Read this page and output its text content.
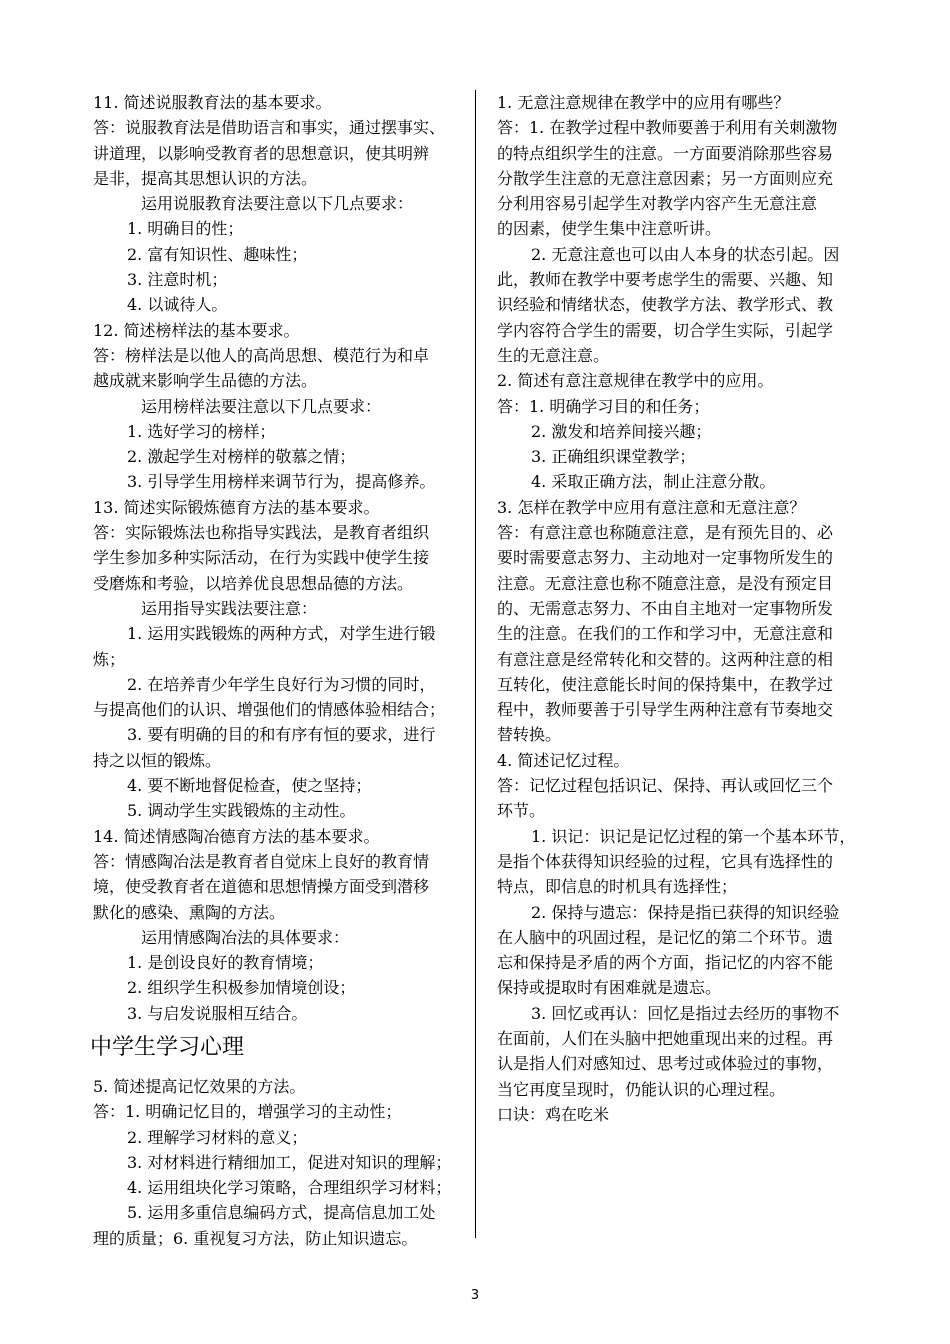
11. 简述说服教育法的基本要求。
答：说服教育法是借助语言和事实，通过摆事实、
讲道理，以影响受教育者的思想意识，使其明辨
是非，提高其思想认识的方法。
运用说服教育法要注意以下几点要求：
1. 明确目的性；
2. 富有知识性、趣味性；
3. 注意时机；
4. 以诚待人。
12. 简述榜样法的基本要求。
答：榜样法是以他人的高尚思想、模范行为和卓
越成就来影响学生品德的方法。
运用榜样法要注意以下几点要求：
1. 选好学习的榜样；
2. 激起学生对榜样的敬慕之情；
3. 引导学生用榜样来调节行为，提高修养。
13. 简述实际锻炼德育方法的基本要求。
答：实际锻炼法也称指导实践法，是教育者组织
学生参加多种实际活动，在行为实践中使学生接
受磨炼和考验，以培养优良思想品德的方法。
运用指导实践法要注意：
1. 运用实践锻炼的两种方式，对学生进行锻
炼；
2. 在培养青少年学生良好行为习惯的同时，
与提高他们的认识、增强他们的情感体验相结合；
3. 要有明确的目的和有序有恒的要求，进行
持之以恒的锻炼。
4. 要不断地督促检查，使之坚持；
5. 调动学生实践锻炼的主动性。
14. 简述情感陶冶德育方法的基本要求。
答：情感陶冶法是教育者自觉床上良好的教育情
境，使受教育者在道德和思想情操方面受到潜移
默化的感染、熏陶的方法。
运用情感陶冶法的具体要求：
1. 是创设良好的教育情境；
2. 组织学生积极参加情境创设；
3. 与启发说服相互结合。
中学生学习心理
5. 简述提高记忆效果的方法。
答：1. 明确记忆目的，增强学习的主动性；
2. 理解学习材料的意义；
3. 对材料进行精细加工，促进对知识的理解；
4. 运用组块化学习策略，合理组织学习材料；
5. 运用多重信息编码方式，提高信息加工处
理的质量；6. 重视复习方法，防止知识遗忘。
1. 无意注意规律在教学中的应用有哪些？
答：1. 在教学过程中教师要善于利用有关刺激物
的特点组织学生的注意。一方面要消除那些容易
分散学生注意的无意注意因素；另一方面则应充
分利用容易引起学生对教学内容产生无意注意
的因素，使学生集中注意听讲。
2. 无意注意也可以由人本身的状态引起。因
此，教师在教学中要考虑学生的需要、兴趣、知
识经验和情绪状态，使教学方法、教学形式、教
学内容符合学生的需要，切合学生实际，引起学
生的无意注意。
2. 简述有意注意规律在教学中的应用。
答：1. 明确学习目的和任务；
2. 激发和培养间接兴趣；
3. 正确组织课堂教学；
4. 采取正确方法，制止注意分散。
3. 怎样在教学中应用有意注意和无意注意？
答：有意注意也称随意注意，是有预先目的、必
要时需要意志努力、主动地对一定事物所发生的
注意。无意注意也称不随意注意，是没有预定目
的、无需意志努力、不由自主地对一定事物所发
生的注意。在我们的工作和学习中，无意注意和
有意注意是经常转化和交替的。这两种注意的相
互转化，使注意能长时间的保持集中，在教学过
程中，教师要善于引导学生两种注意有节奏地交
替转换。
4. 简述记忆过程。
答：记忆过程包括识记、保持、再认或回忆三个
环节。
1. 识记：识记是记忆过程的第一个基本环节，
是指个体获得知识经验的过程，它具有选择性的
特点，即信息的时机具有选择性；
2. 保持与遗忘：保持是指已获得的知识经验
在人脑中的巩固过程，是记忆的第二个环节。遗
忘和保持是矛盾的两个方面，指记忆的内容不能
保持或提取时有困难就是遗忘。
3. 回忆或再认：回忆是指过去经历的事物不
在面前，人们在头脑中把她重现出来的过程。再
认是指人们对感知过、思考过或体验过的事物，
当它再度呈现时，仍能认识的心理过程。
口诀：鸡在吃米
3
